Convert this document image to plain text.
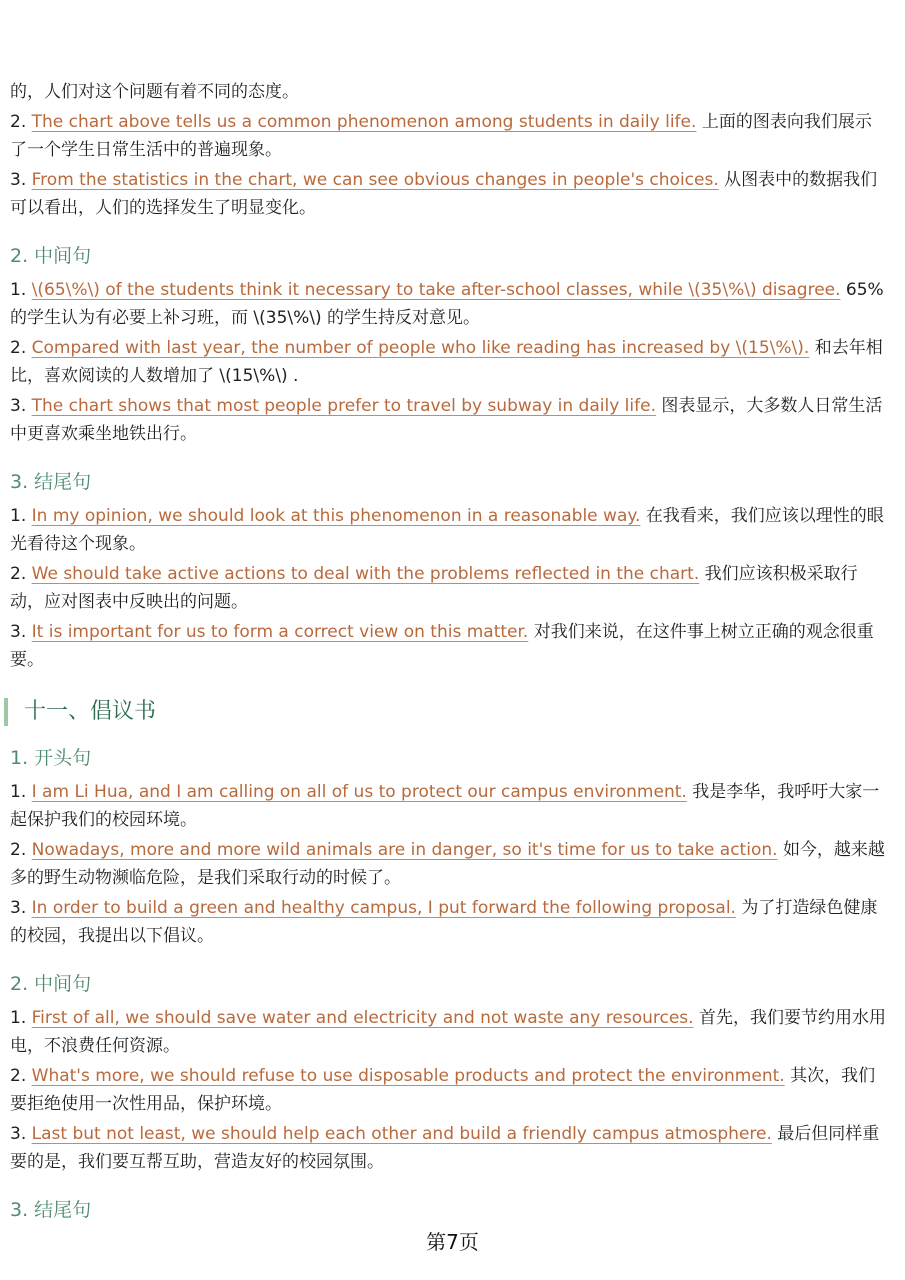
的，人们对这个问题有着不同的态度。

2. The chart above tells us a common phenomenon among students in daily life. 上面的图表向我们展示了一个学生日常生活中的普遍现象。

3. From the statistics in the chart, we can see obvious changes in people's choices. 从图表中的数据我们可以看出，人们的选择发生了明显变化。

2. 中间句

1. \(65\%\) of the students think it necessary to take after-school classes, while \(35\%\) disagree. 65%的学生认为有必要上补习班，而 \(35\%\) 的学生持反对意见。

2. Compared with last year, the number of people who like reading has increased by \(15\%\). 和去年相比，喜欢阅读的人数增加了 \(15\%\) .

3. The chart shows that most people prefer to travel by subway in daily life. 图表显示，大多数人日常生活中更喜欢乘坐地铁出行。

3. 结尾句

1. In my opinion, we should look at this phenomenon in a reasonable way. 在我看来，我们应该以理性的眼光看待这个现象。

2. We should take active actions to deal with the problems reflected in the chart. 我们应该积极采取行动，应对图表中反映出的问题。

3. It is important for us to form a correct view on this matter. 对我们来说，在这件事上树立正确的观念很重要。

十一、倡议书
1. 开头句

1. I am Li Hua, and I am calling on all of us to protect our campus environment. 我是李华，我呼吁大家一起保护我们的校园环境。

2. Nowadays, more and more wild animals are in danger, so it's time for us to take action. 如今，越来越多的野生动物濒临危险，是我们采取行动的时候了。

3. In order to build a green and healthy campus, I put forward the following proposal. 为了打造绿色健康的校园，我提出以下倡议。

2. 中间句

1. First of all, we should save water and electricity and not waste any resources. 首先，我们要节约用水用电，不浪费任何资源。

2. What's more, we should refuse to use disposable products and protect the environment. 其次，我们要拒绝使用一次性用品，保护环境。

3. Last but not least, we should help each other and build a friendly campus atmosphere. 最后但同样重要的是，我们要互帮互助，营造友好的校园氛围。

3. 结尾句
第7页
